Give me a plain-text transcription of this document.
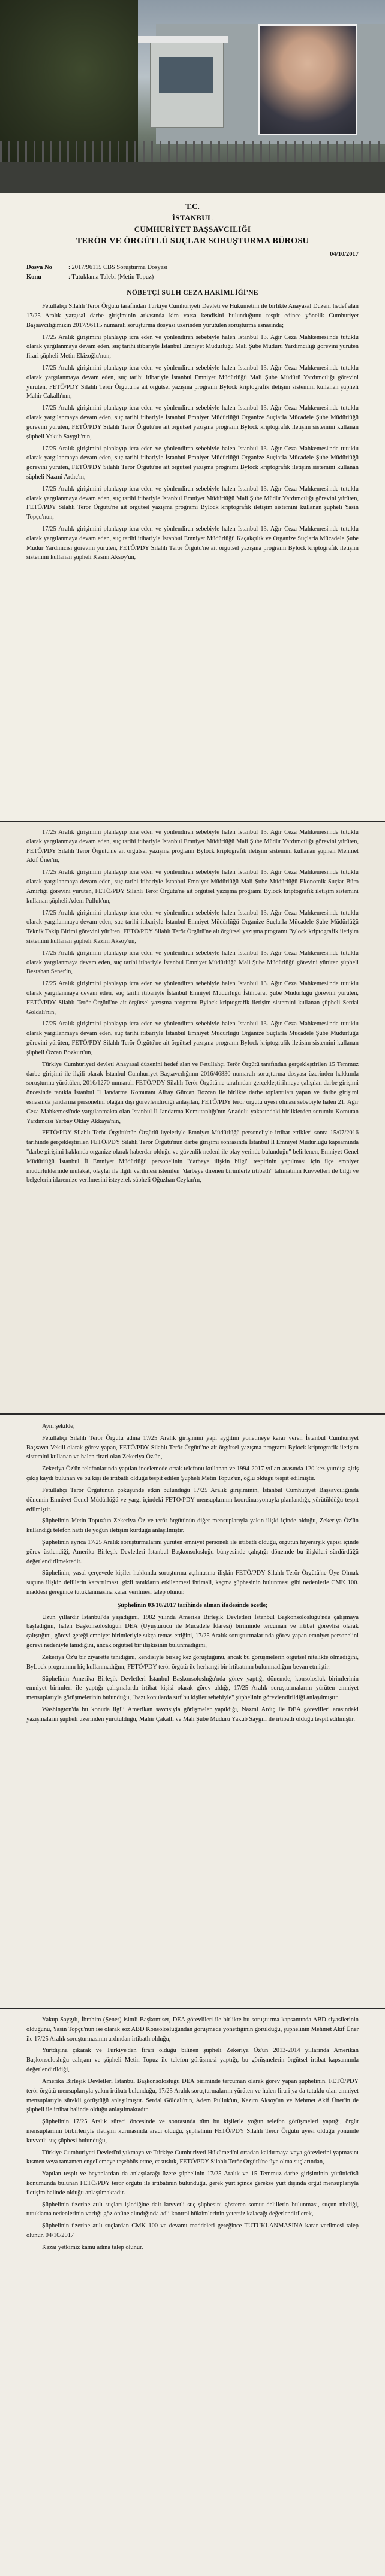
T.C.
İSTANBUL
CUMHURİYET BAŞSAVCILIĞI
TERÖR VE ÖRGÜTLÜ SUÇLAR SORUŞTURMA BÜROSU
04/10/2017
Dosya No	: 2017/96115 CBS Soruşturma Dosyası
Konu	: Tutuklama Talebi (Metin Topuz)
NÖBETÇİ SULH CEZA HAKİMLİĞİ'NE

Fetullahçı Silahlı Terör Örgütü tarafından Türkiye Cumhuriyeti Devleti ve Hükumetini ile birlikte Anayasal Düzeni hedef alan 17/25 Aralık yargısal darbe girişiminin arkasında kim varsa kendisini bulunduğunu tespit edince yönelik Cumhuriyet Başsavcılığımızın 2017/96115 numaralı soruşturma dosyası üzerinden yürütülen soruşturma esnasında;

17/25 Aralık girişimini planlayıp icra eden ve yönlendiren sebebiyle halen İstanbul 13. Ağır Ceza Mahkemesi'nde tutuklu olarak yargılanmaya devam eden, suç tarihi itibariyle İstanbul Emniyet Müdürlüğü Mali Şube Müdürü Yardımcılığı görevini yürüten firari şüpheli Metin Ekizoğlu'nun,

17/25 Aralık girişimini planlayıp icra eden ve yönlendiren sebebiyle halen İstanbul 13. Ağır Ceza Mahkemesi'nde tutuklu olarak yargılanmaya devam eden, suç tarihi itibariyle İstanbul Emniyet Müdürlüğü Mali Şube Müdürü Yardımcılığı görevini yürüten, FETÖ/PDY Silahlı Terör Örgütü'ne ait örgütsel yazışma programı Bylock kriptografik iletişim sistemini kullanan şüpheli Mahir Çakallı'nın,

17/25 Aralık girişimini planlayıp icra eden ve yönlendiren sebebiyle halen İstanbul 13. Ağır Ceza Mahkemesi'nde tutuklu olarak yargılanmaya devam eden, suç tarihi itibariyle İstanbul Emniyet Müdürlüğü Organize Suçlarla Mücadele Şube Müdürlüğü görevini yürüten, FETÖ/PDY Silahlı Terör Örgütü'ne ait örgütsel yazışma programı Bylock kriptografik iletişim sistemini kullanan şüpheli Yakub Saygılı'nın,

17/25 Aralık girişimini planlayıp icra eden ve yönlendiren sebebiyle halen İstanbul 13. Ağır Ceza Mahkemesi'nde tutuklu olarak yargılanmaya devam eden, suç tarihi itibariyle İstanbul Emniyet Müdürlüğü Organize Suçlarla Mücadele Şube Müdürlüğü görevini yürüten, FETÖ/PDY Silahlı Terör Örgütü'ne ait örgütsel yazışma programı Bylock kriptografik iletişim sistemini kullanan şüpheli Nazmi Ardıç'ın,

17/25 Aralık girişimini planlayıp icra eden ve yönlendiren sebebiyle halen İstanbul 13. Ağır Ceza Mahkemesi'nde tutuklu olarak yargılanmaya devam eden, suç tarihi itibariyle İstanbul Emniyet Müdürlüğü Mali Şube Müdür Yardımcılığı görevini yürüten, FETÖ/PDY Silahlı Terör Örgütü'ne ait örgütsel yazışma programı Bylock kriptografik iletişim sistemini kullanan şüpheli Yasin Topçu'nun,

17/25 Aralık girişimini planlayıp icra eden ve yönlendiren sebebiyle halen İstanbul 13. Ağır Ceza Mahkemesi'nde tutuklu olarak yargılanmaya devam eden, suç tarihi itibariyle İstanbul Emniyet Müdürlüğü Kaçakçılık ve Organize Suçlarla Mücadele Şube Müdür Yardımcısı görevini yürüten, FETÖ/PDY Silahlı Terör Örgütü'ne ait örgütsel yazışma programı Bylock kriptografik iletişim sistemini kullanan şüpheli Kasım Aksoy'un,

17/25 Aralık girişimini planlayıp icra eden ve yönlendiren sebebiyle halen İstanbul 13. Ağır Ceza Mahkemesi'nde tutuklu olarak yargılanmaya devam eden, suç tarihi itibariyle İstanbul Emniyet Müdürlüğü Mali Şube Müdür Yardımcılığı görevini yürüten, FETÖ/PDY Silahlı Terör Örgütü'ne ait örgütsel yazışma programı Bylock kriptografik iletişim sistemini kullanan şüpheli Mehmet Akif Üner'in,

17/25 Aralık girişimini planlayıp icra eden ve yönlendiren sebebiyle halen İstanbul 13. Ağır Ceza Mahkemesi'nde tutuklu olarak yargılanmaya devam eden, suç tarihi itibariyle İstanbul Emniyet Müdürlüğü Mali Şube Müdürlüğü Ekonomik Suçlar Büro Amirliği görevini yürüten, FETÖ/PDY Silahlı Terör Örgütü'ne ait örgütsel yazışma programı Bylock kriptografik iletişim sistemini kullanan şüpheli Adem Pulluk'un,

17/25 Aralık girişimini planlayıp icra eden ve yönlendiren sebebiyle halen İstanbul 13. Ağır Ceza Mahkemesi'nde tutuklu olarak yargılanmaya devam eden, suç tarihi itibariyle İstanbul Emniyet Müdürlüğü Organize Suçlarla Mücadele Şube Müdürlüğü Teknik Takip Birimi görevini yürüten, FETÖ/PDY Silahlı Terör Örgütü'ne ait örgütsel yazışma programı Bylock kriptografik iletişim sistemini kullanan şüpheli Kazım Aksoy'un,

17/25 Aralık girişimini planlayıp icra eden ve yönlendiren sebebiyle halen İstanbul 13. Ağır Ceza Mahkemesi'nde tutuklu olarak yargılanmaya devam eden, suç tarihi itibariyle İstanbul Emniyet Müdürlüğü Mali Şube Müdürlüğü görevini yürüten şüpheli Bestahan Sener'in,

17/25 Aralık girişimini planlayıp icra eden ve yönlendiren sebebiyle halen İstanbul 13. Ağır Ceza Mahkemesi'nde tutuklu olarak yargılanmaya devam eden, suç tarihi itibariyle İstanbul Emniyet Müdürlüğü İstihbarat Şube Müdürlüğü görevini yürüten, FETÖ/PDY Silahlı Terör Örgütü'ne ait örgütsel yazışma programı Bylock kriptografik iletişim sistemini kullanan şüpheli Serdal Göldalı'nın,

17/25 Aralık girişimini planlayıp icra eden ve yönlendiren sebebiyle halen İstanbul 13. Ağır Ceza Mahkemesi'nde tutuklu olarak yargılanmaya devam eden, suç tarihi itibariyle İstanbul Emniyet Müdürlüğü Organize Suçlarla Mücadele Şube Müdürlüğü görevini yürüten, FETÖ/PDY Silahlı Terör Örgütü'ne ait örgütsel yazışma programı Bylock kriptografik iletişim sistemini kullanan şüpheli Özcan Bozkurt'un,

Türkiye Cumhuriyeti devleti Anayasal düzenini hedef alan ve Fetullahçı Terör Örgütü tarafından gerçekleştirilen 15 Temmuz darbe girişimi ile ilgili olarak İstanbul Cumhuriyet Başsavcılığının 2016/46830 numaralı soruşturma dosyası üzerinden hakkında soruşturma yürütülen, 2016/1270 numaralı FETÖ/PDY Silahlı Terör Örgütü'ne tarafından gerçekleştirilmeye çalışılan darbe girişimi öncesinde tanıkla İstanbul İl Jandarma Komutanı Albay Gürcan Bozcan ile birlikte darbe toplantıları yapan ve darbe girişimi esnasında jandarma personelini olağan dışı görevlendirdiği anlaşılan, FETÖ/PDY terör örgütü üyesi olması sebebiyle halen 21. Ağır Ceza Mahkemesi'nde yargılanmakta olan İstanbul İl Jandarma Komutanlığı'nın Anadolu yakasındaki birliklerden sorumlu Komutan Yardımcısı Yarbay Oktay Akkaya'nın,

FETÖ/PDY Silahlı Terör Örgütü'nün Örgütlü üyeleriyle Emniyet Müdürlüğü personeliyle irtibat ettikleri sonra 15/07/2016 tarihinde gerçekleştirilen FETÖ/PDY Silahlı Terör Örgütü'nün darbe girişimi sonrasında İstanbul İl Emniyet Müdürlüğü kapsamında "darbe girişimi hakkında organize olarak haberdar olduğu ve güvenlik nedeni ile olay yerinde bulunduğu" belirlenen, Emniyet Genel Müdürlüğü İstanbul İl Emniyet Müdürlüğü personelinin "darbeye ilişkin bilgi" tespitinin yapılması için ilçe emniyet müdürlüklerinde mülakat, olaylar ile ilgili verilmesi istenilen "darbeye direnen birimlerle irtibatlı" talimatının Kuvvetleri ile bilgi ve belgelerin idaremize verilmesini isteyerek şüpheli Oğuzhan Ceylan'ın,

Aynı şekilde;

Fetullahçı Silahlı Terör Örgütü adına 17/25 Aralık girişimini yapı aygıtını yönetmeye karar veren İstanbul Cumhuriyet Başsavcı Vekili olarak görev yapan, FETÖ/PDY Silahlı Terör Örgütü'ne ait örgütsel yazışma programı Bylock kriptografik iletişim sistemini kullanan ve halen firari olan Zekeriya Öz'ün,

Zekeriya Öz'ün telefonlarında yapılan incelemede ortak telefonu kullanan ve 1994-2017 yılları arasında 120 kez yurtdışı giriş çıkış kaydı bulunan ve bu kişi ile irtibatlı olduğu tespit edilen Şüpheli Metin Topuz'un, oğlu olduğu tespit edilmiştir.

Fetullahçı Terör Örgütünün çöküşünde etkin bulunduğu 17/25 Aralık girişiminin, İstanbul Cumhuriyet Başsavcılığında dönemin Emniyet Genel Müdürlüğü ve yargı içindeki FETÖ/PDY mensuplarının koordinasyonuyla planlandığı, yürütüldüğü tespit edilmiştir.

Şüphelinin Metin Topuz'un Zekeriya Öz ve terör örgütünün diğer mensuplarıyla yakın ilişki içinde olduğu, Zekeriya Öz'ün kullandığı telefon hattı ile yoğun iletişim kurduğu anlaşılmıştır.

Şüphelinin ayrıca 17/25 Aralık soruşturmalarını yürüten emniyet personeli ile irtibatlı olduğu, örgütün hiyerarşik yapısı içinde görev üstlendiği, Amerika Birleşik Devletleri İstanbul Başkonsolosluğu bünyesinde çalıştığı dönemde bu ilişkileri sürdürdüğü değerlendirilmektedir.

Şüphelinin, yasal çerçevede kişiler hakkında soruşturma açılmasına ilişkin FETÖ/PDY Silahlı Terör Örgütü'ne Üye Olmak suçuna ilişkin delillerin karartılması, gizli tanıkların etkilenmesi ihtimali, kaçma şüphesinin bulunması gibi nedenlerle CMK 100. maddesi gereğince tutuklanmasına karar verilmesi talep olunur.

Şüphelinin 03/10/2017 tarihinde alınan ifadesinde özetle;

Uzun yıllardır İstanbul'da yaşadığını, 1982 yılında Amerika Birleşik Devletleri İstanbul Başkonsolosluğu'nda çalışmaya başladığını, halen Başkonsolosluğun DEA (Uyuşturucu ile Mücadele İdaresi) biriminde tercüman ve irtibat görevlisi olarak çalıştığını, görevi gereği emniyet birimleriyle sıkça temas ettiğini, 17/25 Aralık soruşturmalarında görev yapan emniyet personelini görevi nedeniyle tanıdığını, ancak örgütsel bir ilişkisinin bulunmadığını,

Zekeriya Öz'ü bir ziyarette tanıdığını, kendisiyle birkaç kez görüştüğünü, ancak bu görüşmelerin örgütsel nitelikte olmadığını, ByLock programını hiç kullanmadığını, FETÖ/PDY terör örgütü ile herhangi bir irtibatının bulunmadığını beyan etmiştir.

Şüphelinin Amerika Birleşik Devletleri İstanbul Başkonsolosluğu'nda görev yaptığı dönemde, konsolosluk birimlerinin emniyet birimleri ile yaptığı çalışmalarda irtibat kişisi olarak görev aldığı, 17/25 Aralık soruşturmalarını yürüten emniyet mensuplarıyla görüşmelerinin bulunduğu, "bazı konularda sırf bu kişiler sebebiyle" şüphelinin görevlendirildiği anlaşılmıştır.

Washington'da bu konuda ilgili Amerikan savcısıyla görüşmeler yapıldığı, Nazmi Ardıç ile DEA görevlileri arasındaki yazışmaların şüpheli üzerinden yürütüldüğü, Mahir Çakallı ve Mali Şube Müdürü Yakub Saygılı ile irtibatlı olduğu tespit edilmiştir.

Yakup Saygılı, İbrahim (Şener) isimli Başkomiser, DEA görevlileri ile birlikte bu soruşturma kapsamında ABD siyasilerinin olduğunu, Yasin Topçu'nun ise olarak söz ABD Konsolosluğundan görüşmede yönettiğinin görüldüğü, şüphelinin Mehmet Akif Üner ile 17/25 Aralık soruşturmasının ardından irtibatlı olduğu,

Yurtdışına çıkarak ve Türkiye'den firari olduğu bilinen şüpheli Zekeriya Öz'ün 2013-2014 yıllarında Amerikan Başkonsolosluğu çalışanı ve şüpheli Metin Topuz ile telefon görüşmesi yaptığı, bu görüşmelerin örgütsel irtibat kapsamında değerlendirildiği,

Amerika Birleşik Devletleri İstanbul Başkonsolosluğu DEA biriminde tercüman olarak görev yapan şüphelinin, FETÖ/PDY terör örgütü mensuplarıyla yakın irtibatı bulunduğu, 17/25 Aralık soruşturmalarını yürüten ve halen firari ya da tutuklu olan emniyet mensuplarıyla sürekli görüştüğü anlaşılmıştır. Serdal Göldalı'nın, Adem Pulluk'un, Kazım Aksoy'un ve Mehmet Akif Üner'in de şüpheli ile irtibat halinde olduğu anlaşılmaktadır.

Şüphelinin 17/25 Aralık süreci öncesinde ve sonrasında tüm bu kişilerle yoğun telefon görüşmeleri yaptığı, örgüt mensuplarının birbirleriyle iletişim kurmasında aracı olduğu, şüphelinin FETÖ/PDY Silahlı Terör Örgütü üyesi olduğu yönünde kuvvetli suç şüphesi bulunduğu,

Türkiye Cumhuriyeti Devleti'ni yıkmaya ve Türkiye Cumhuriyeti Hükümeti'ni ortadan kaldırmaya veya görevlerini yapmasını kısmen veya tamamen engellemeye teşebbüs etme, casusluk, FETÖ/PDY Silahlı Terör Örgütü'ne üye olma suçlarından,

Yapılan tespit ve beyanlardan da anlaşılacağı üzere şüphelinin 17/25 Aralık ve 15 Temmuz darbe girişiminin yürütücüsü konumunda bulunan FETÖ/PDY terör örgütü ile irtibatının bulunduğu, gerek yurt içinde gerekse yurt dışında örgüt mensuplarıyla iletişim halinde olduğu anlaşılmaktadır.

Şüphelinin üzerine atılı suçları işlediğine dair kuvvetli suç şüphesini gösteren somut delillerin bulunması, suçun niteliği, tutuklama nedenlerinin varlığı göz önüne alındığında adli kontrol hükümlerinin yetersiz kalacağı değerlendirilerek,

Şüphelinin üzerine atılı suçlardan CMK 100 ve devamı maddeleri gereğince TUTUKLANMASINA karar verilmesi talep olunur. 04/10/2017

Kazaı yetkimiz kamu adına talep olunur.
